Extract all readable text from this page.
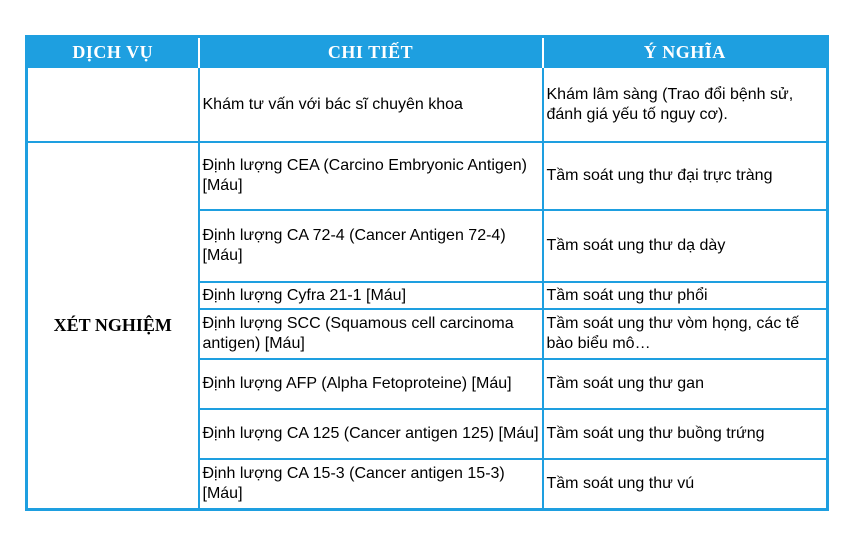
DỊCH VỤ	CHI TIẾT	Ý NGHĨA
	Khám tư vấn với bác sĩ chuyên khoa	Khám lâm sàng (Trao đổi bệnh sử, đánh giá yếu tố nguy cơ).
XÉT NGHIỆM	Định lượng CEA (Carcino Embryonic Antigen) [Máu]	Tầm soát ung thư đại trực tràng
	Định lượng CA 72-4 (Cancer Antigen 72-4) [Máu]	Tầm soát ung thư dạ dày
	Định lượng Cyfra 21-1 [Máu]	Tầm soát ung thư phổi
	Định lượng SCC (Squamous cell carcinoma antigen) [Máu]	Tầm soát ung thư vòm họng, các tế bào biểu mô…
	Định lượng AFP (Alpha Fetoproteine) [Máu]	Tầm soát ung thư gan
	Định lượng CA 125 (Cancer antigen 125) [Máu]	Tầm soát ung thư buồng trứng
	Định lượng CA 15-3 (Cancer antigen 15-3) [Máu]	Tầm soát ung thư vú
